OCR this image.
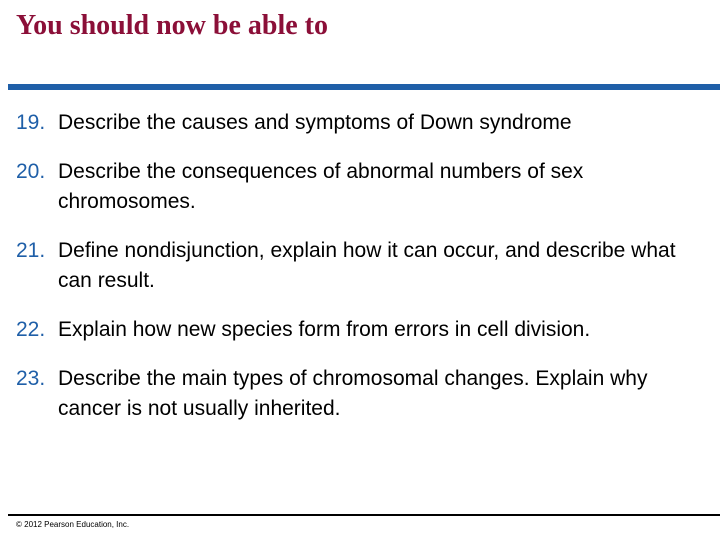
You should now be able to
19. Describe the causes and symptoms of Down syndrome
20. Describe the consequences of abnormal numbers of sex chromosomes.
21. Define nondisjunction, explain how it can occur, and describe what can result.
22. Explain how new species form from errors in cell division.
23. Describe the main types of chromosomal changes. Explain why cancer is not usually inherited.
© 2012 Pearson Education, Inc.
